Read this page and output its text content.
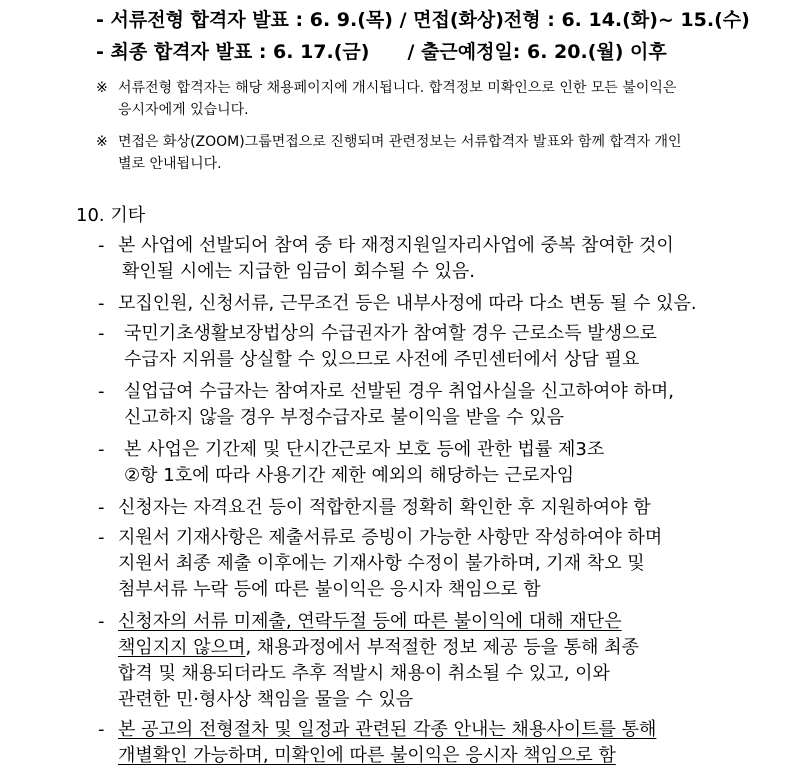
- 서류전형 합격자 발표 : 6. 9.(목) / 면접(화상)전형 : 6. 14.(화)~ 15.(수)
- 최종 합격자 발표 : 6. 17.(금)　　/ 출근예정일: 6. 20.(월) 이후
※ 서류전형 합격자는 해당 채용페이지에 개시됩니다. 합격정보 미확인으로 인한 모든 불이익은
응시자에게 있습니다.
※ 면접은 화상(ZOOM)그룹면접으로 진행되며 관련정보는 서류합격자 발표와 함께 합격자 개인
별로 안내됩니다.
10. 기타
- 본 사업에 선발되어 참여 중 타 재정지원일자리사업에 중복 참여한 것이
확인될 시에는 지급한 임금이 회수될 수 있음.
- 모집인원, 신청서류, 근무조건 등은 내부사정에 따라 다소 변동 될 수 있음.
- 국민기초생활보장법상의 수급권자가 참여할 경우 근로소득 발생으로
수급자 지위를 상실할 수 있으므로 사전에 주민센터에서 상담 필요
- 실업급여 수급자는 참여자로 선발된 경우 취업사실을 신고하여야 하며,
신고하지 않을 경우 부정수급자로 불이익을 받을 수 있음
- 본 사업은 기간제 및 단시간근로자 보호 등에 관한 법률 제3조
②항 1호에 따라 사용기간 제한 예외의 해당하는 근로자임
- 신청자는 자격요건 등이 적합한지를 정확히 확인한 후 지원하여야 함
- 지원서 기재사항은 제출서류로 증빙이 가능한 사항만 작성하여야 하며
지원서 최종 제출 이후에는 기재사항 수정이 불가하며, 기재 착오 및
첨부서류 누락 등에 따른 불이익은 응시자 책임으로 함
- 신청자의 서류 미제출, 연락두절 등에 따른 불이익에 대해 재단은
책임지지 않으며, 채용과정에서 부적절한 정보 제공 등을 통해 최종
합격 및 채용되더라도 추후 적발시 채용이 취소될 수 있고, 이와
관련한 민·형사상 책임을 물을 수 있음
- 본 공고의 전형절차 및 일정과 관련된 각종 안내는 채용사이트를 통해
개별확인 가능하며, 미확인에 따른 불이익은 응시자 책임으로 함
